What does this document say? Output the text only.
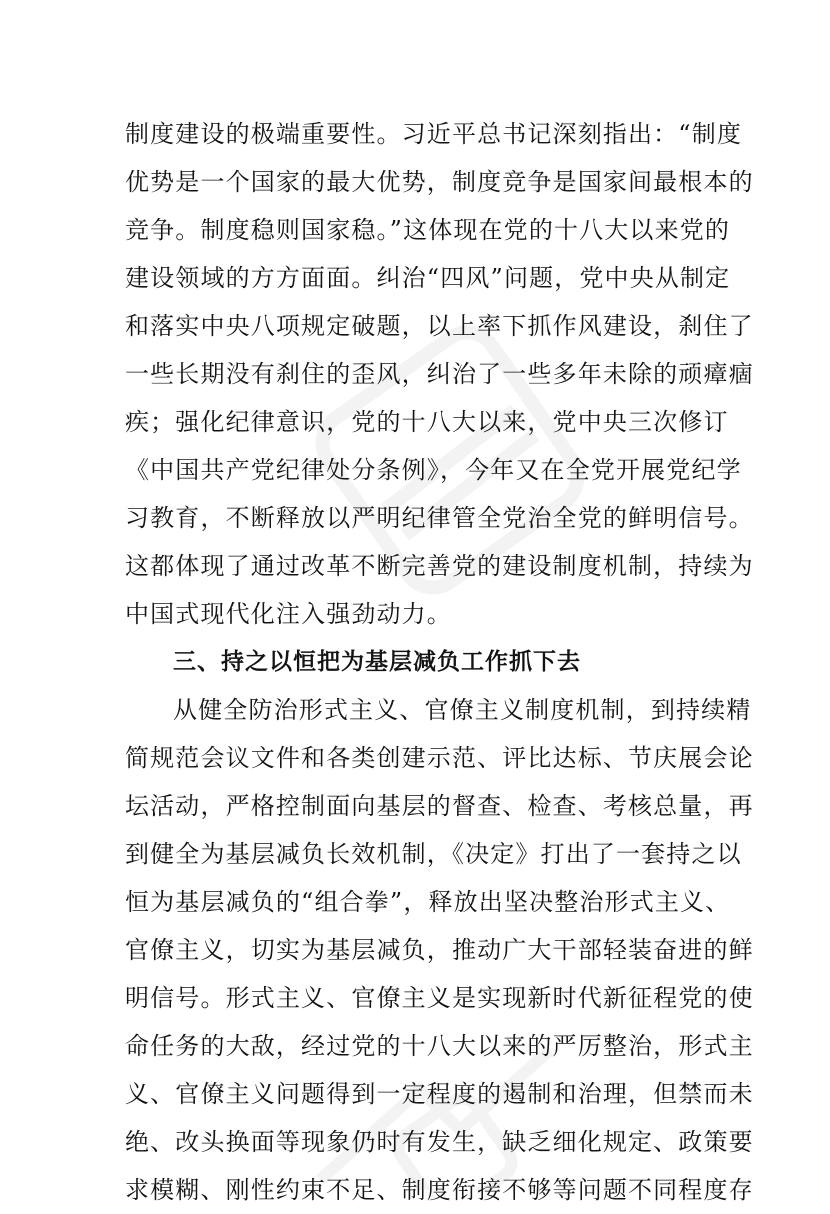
制度建设的极端重要性。习近平总书记深刻指出：“制度
优势是一个国家的最大优势，制度竞争是国家间最根本的
竞争。制度稳则国家稳。”这体现在党的十八大以来党的
建设领域的方方面面。纠治“四风”问题，党中央从制定
和落实中央八项规定破题，以上率下抓作风建设，刹住了
一些长期没有刹住的歪风，纠治了一些多年未除的顽瘴痼
疾；强化纪律意识，党的十八大以来，党中央三次修订
《中国共产党纪律处分条例》，今年又在全党开展党纪学
习教育，不断释放以严明纪律管全党治全党的鲜明信号。
这都体现了通过改革不断完善党的建设制度机制，持续为
中国式现代化注入强劲动力。
三、持之以恒把为基层减负工作抓下去
从健全防治形式主义、官僚主义制度机制，到持续精
简规范会议文件和各类创建示范、评比达标、节庆展会论
坛活动，严格控制面向基层的督查、检查、考核总量，再
到健全为基层减负长效机制，《决定》打出了一套持之以
恒为基层减负的“组合拳”，释放出坚决整治形式主义、
官僚主义，切实为基层减负，推动广大干部轻装奋进的鲜
明信号。形式主义、官僚主义是实现新时代新征程党的使
命任务的大敌，经过党的十八大以来的严厉整治，形式主
义、官僚主义问题得到一定程度的遏制和治理，但禁而未
绝、改头换面等现象仍时有发生，缺乏细化规定、政策要
求模糊、刚性约束不足、制度衔接不够等问题不同程度存
